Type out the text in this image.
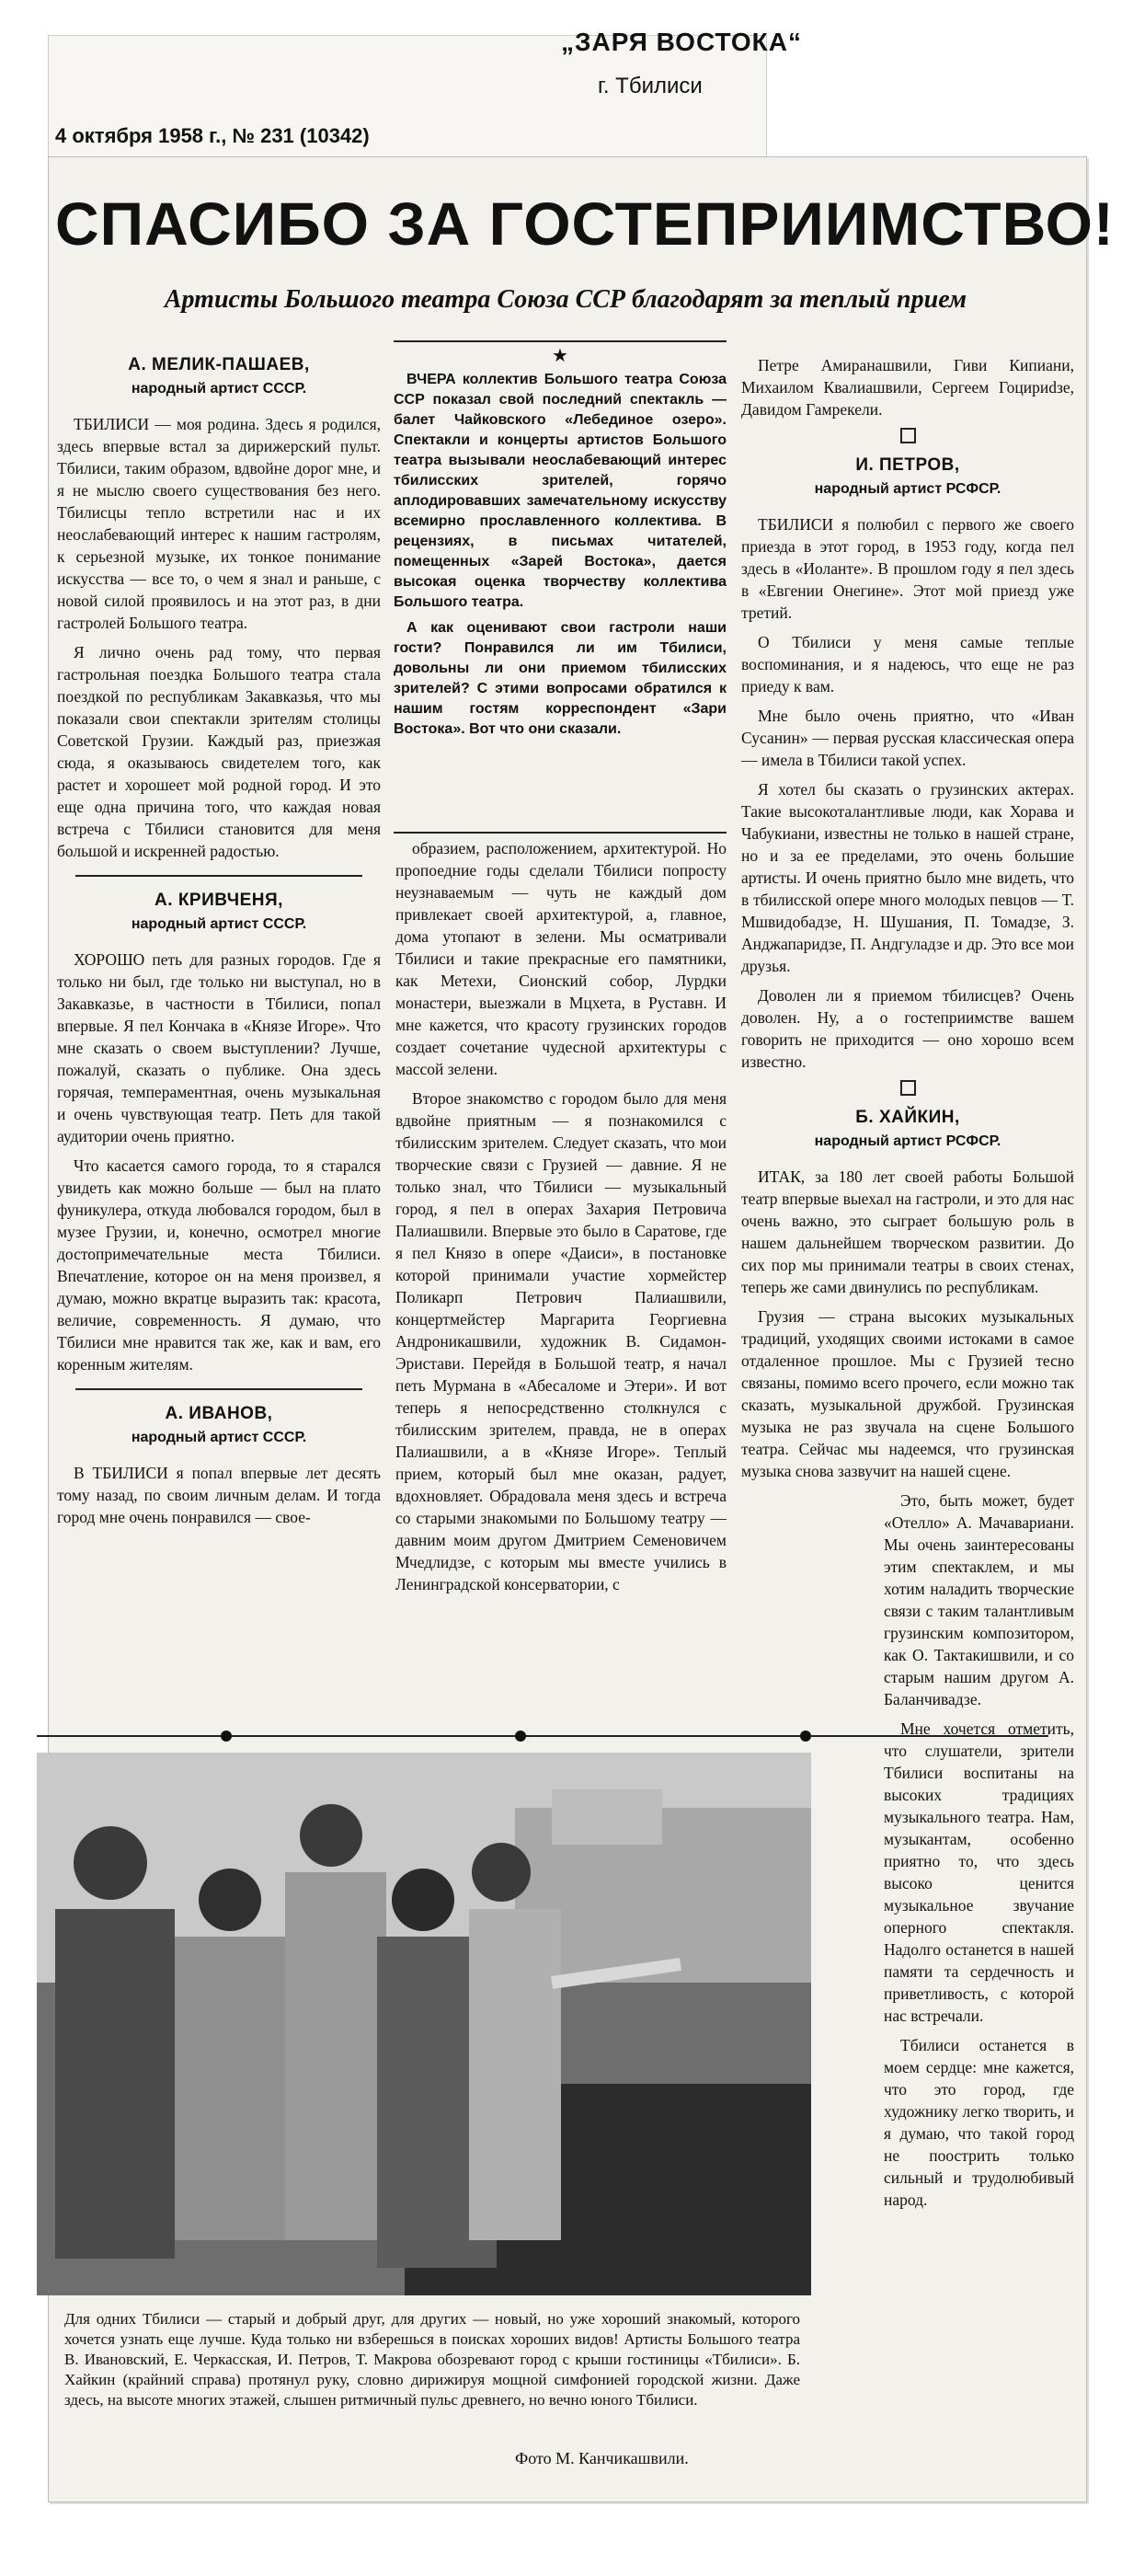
„ЗАРЯ ВОСТОКА“
г. Тбилиси
4 октября 1958 г., № 231 (10342)
СПАСИБО ЗА ГОСТЕПРИИМСТВО!
Артисты Большого театра Союза ССР благодарят за теплый прием
А. МЕЛИК-ПАШАЕВ,
народный артист СССР.

ТБИЛИСИ — моя родина. Здесь я родился, здесь впервые встал за дирижерский пульт. Тбилиси, таким образом, вдвойне дорог мне, и я не мыслю своего существования без него. Тбилисцы тепло встретили нас и их неослабевающий интерес к нашим гастролям, к серьезной музыке, их тонкое понимание искусства — все то, о чем я знал и раньше, с новой силой проявилось и на этот раз, в дни гастролей Большого театра.

Я лично очень рад тому, что первая гастрольная поездка Большого театра стала поездкой по республикам Закавказья, что мы показали свои спектакли зрителям столицы Советской Грузии. Каждый раз, приезжая сюда, я оказываюсь свидетелем того, как растет и хорошеет мой родной город. И это еще одна причина того, что каждая новая встреча с Тбилиси становится для меня большой и искренней радостью.

А. КРИВЧЕНЯ,
народный артист СССР.

ХОРОШО петь для разных городов. Где я только ни был, где только ни выступал, но в Закавказье, в частности в Тбилиси, попал впервые. Я пел Кончака в «Князе Игоре». Что мне сказать о своем выступлении? Лучше, пожалуй, сказать о публике. Она здесь горячая, темпераментная, очень музыкальная и очень чувствующая театр. Петь для такой аудитории очень приятно.

Что касается самого города, то я старался увидеть как можно больше — был на плато фуникулера, откуда любовался городом, был в музее Грузии, и, конечно, осмотрел многие достопримечательные места Тбилиси. Впечатление, которое он на меня произвел, я думаю, можно вкратце выразить так: красота, величие, современность. Я думаю, что Тбилиси мне нравится так же, как и вам, его коренным жителям.

А. ИВАНОВ,
народный артист СССР.

В ТБИЛИСИ я попал впервые лет десять тому назад, по своим личным делам. И тогда город мне очень понравился — свое-

★

ВЧЕРА коллектив Большого театра Союза ССР показал свой последний спектакль — балет Чайковского «Лебединое озеро». Спектакли и концерты артистов Большого театра вызывали неослабевающий интерес тбилисских зрителей, горячо аплодировавших замечательному искусству всемирно прославленного коллектива. В рецензиях, в письмах читателей, помещенных «Зарей Востока», дается высокая оценка творчеству коллектива Большого театра.

А как оценивают свои гастроли наши гости? Понравился ли им Тбилиси, довольны ли они приемом тбилисских зрителей? С этими вопросами обратился к нашим гостям корреспондент «Зари Востока». Вот что они сказали.

образием, расположением, архитектурой. Но пропоедние годы сделали Тбилиси попросту неузнаваемым — чуть не каждый дом привлекает своей архитектурой, а, главное, дома утопают в зелени. Мы осматривали Тбилиси и такие прекрасные его памятники, как Метехи, Сионский собор, Лурдки монастери, выезжали в Мцхета, в Руставн. И мне кажется, что красоту грузинских городов создает сочетание чудесной архитектуры с массой зелени.

Второе знакомство с городом было для меня вдвойне приятным — я познакомился с тбилисским зрителем. Следует сказать, что мои творческие связи с Грузией — давние. Я не только знал, что Тбилиси — музыкальный город, я пел в операх Захария Петровича Палиашвили. Впервые это было в Саратове, где я пел Князо в опере «Даиси», в постановке которой принимали участие хормейстер Поликарп Петрович Палиашвили, концертмейстер Маргарита Георгиевна Андроникашвили, художник В. Сидамон-Эристави. Перейдя в Большой театр, я начал петь Мурмана в «Абесаломе и Этери». И вот теперь я непосредственно столкнулся с тбилисским зрителем, правда, не в операх Палиашвили, а в «Князе Игоре». Теплый прием, который был мне оказан, радует, вдохновляет. Обрадовала меня здесь и встреча со старыми знакомыми по Большому театру — давним моим другом Дмитрием Семеновичем Мчедлидзе, с которым мы вместе учились в Ленинградской консерватории, с

Петре Амиранашвили, Гиви Кипиани, Михаилом Квалиашвили, Сергеем Гоцириdзе, Давидом Гамрекели.

И. ПЕТРОВ,
народный артист РСФСР.

ТБИЛИСИ я полюбил с первого же своего приезда в этот город, в 1953 году, когда пел здесь в «Иоланте». В прошлом году я пел здесь в «Евгении Онегине». Этот мой приезд уже третий.

О Тбилиси у меня самые теплые воспоминания, и я надеюсь, что еще не раз приеду к вам.

Мне было очень приятно, что «Иван Сусанин» — первая русская классическая опера — имела в Тбилиси такой успех.

Я хотел бы сказать о грузинских актерах. Такие высокоталантливые люди, как Хорава и Чабукиани, известны не только в нашей стране, но и за ее пределами, это очень большие артисты. И очень приятно было мне видеть, что в тбилисской опере много молодых певцов — Т. Мшвидобадзе, Н. Шушания, П. Томадзе, З. Анджапаридзе, П. Андгуладзе и др. Это все мои друзья.

Доволен ли я приемом тбилисцев? Очень доволен. Ну, а о гостеприимстве вашем говорить не приходится — оно хорошо всем известно.

Б. ХАЙКИН,
народный артист РСФСР.

ИТАК, за 180 лет своей работы Большой театр впервые выехал на гастроли, и это для нас очень важно, это сыграет большую роль в нашем дальнейшем творческом развитии. До сих пор мы принимали театры в своих стенах, теперь же сами двинулись по республикам.

Грузия — страна высоких музыкальных традиций, уходящих своими истоками в самое отдаленное прошлое. Мы с Грузией тесно связаны, помимо всего прочего, если можно так сказать, музыкальной дружбой. Грузинская музыка не раз звучала на сцене Большого театра. Сейчас мы надеемся, что грузинская музыка снова зазвучит на нашей сцене.

Это, быть может, будет «Отелло» А. Мачавариани. Мы очень заинтересованы этим спектаклем, и мы хотим наладить творческие связи с таким талантливым грузинским композитором, как О. Тактакишвили, и со старым нашим другом А. Баланчивадзе.

Мне хочется отметить, что слушатели, зрители Тбилиси воспитаны на высоких традициях музыкального театра. Нам, музыкантам, особенно приятно то, что здесь высоко ценится музыкальное звучание оперного спектакля. Надолго останется в нашей памяти та сердечность и приветливость, с которой нас встречали.

Тбилиси останется в моем сердце: мне кажется, что это город, где художнику легко творить, и я думаю, что такой город не поострить только сильный и трудолюбивый народ.

Для одних Тбилиси — старый и добрый друг, для других — новый, но уже хороший знакомый, которого хочется узнать еще лучше. Куда только ни взберешься в поисках хороших видов! Артисты Большого театра В. Ивановский, Е. Черкасская, И. Петров, Т. Макрова обозревают город с крыши гостиницы «Тбилиси». Б. Хайкин (крайний справа) протянул руку, словно дирижируя мощной симфонией городской жизни. Даже здесь, на высоте многих этажей, слышен ритмичный пульс древнего, но вечно юного Тбилиси.
Фото М. Канчикашвили.
